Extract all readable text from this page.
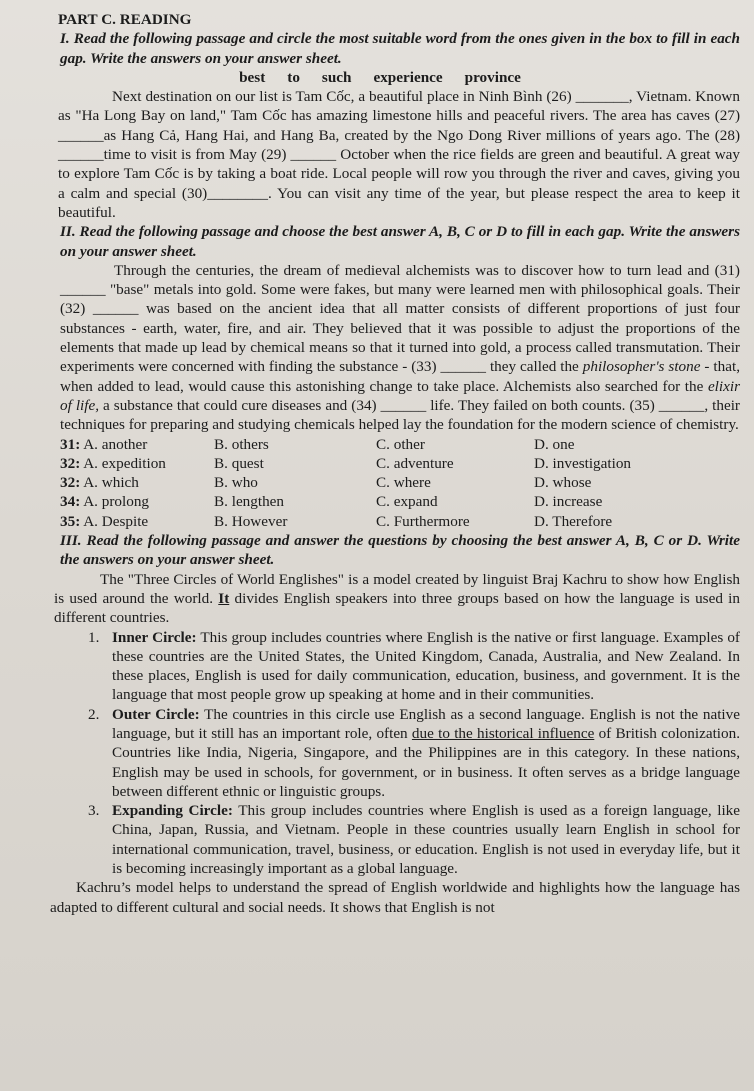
PART C. READING

I. Read the following passage and circle the most suitable word from the ones given in the box to fill in each gap. Write the answers on your answer sheet.

best to such experience province

Next destination on our list is Tam Cốc, a beautiful place in Ninh Bình (26) _______, Vietnam. Known as "Ha Long Bay on land," Tam Cốc has amazing limestone hills and peaceful rivers. The area has caves (27) ______as Hang Cả, Hang Hai, and Hang Ba, created by the Ngo Dong River millions of years ago. The (28) ______time to visit is from May (29) ______ October when the rice fields are green and beautiful. A great way to explore Tam Cốc is by taking a boat ride. Local people will row you through the river and caves, giving you a calm and special (30)________. You can visit any time of the year, but please respect the area to keep it beautiful.

II. Read the following passage and choose the best answer A, B, C or D to fill in each gap. Write the answers on your answer sheet.

Through the centuries, the dream of medieval alchemists was to discover how to turn lead and (31) ______ "base" metals into gold. Some were fakes, but many were learned men with philosophical goals. Their (32) ______ was based on the ancient idea that all matter consists of different proportions of just four substances - earth, water, fire, and air. They believed that it was possible to adjust the proportions of the elements that made up lead by chemical means so that it turned into gold, a process called transmutation. Their experiments were concerned with finding the substance - (33) ______ they called the philosopher's stone - that, when added to lead, would cause this astonishing change to take place. Alchemists also searched for the elixir of life, a substance that could cure diseases and (34) ______ life. They failed on both counts. (35) ______, their techniques for preparing and studying chemicals helped lay the foundation for the modern science of chemistry.

31: A. another	B. others	C. other	D. one
32: A. expedition	B. quest	C. adventure	D. investigation
32: A. which	B. who	C. where	D. whose
34: A. prolong	B. lengthen	C. expand	D. increase
35: A. Despite	B. However	C. Furthermore	D. Therefore

III. Read the following passage and answer the questions by choosing the best answer A, B, C or D. Write the answers on your answer sheet.

The "Three Circles of World Englishes" is a model created by linguist Braj Kachru to show how English is used around the world. It divides English speakers into three groups based on how the language is used in different countries.

1. Inner Circle: This group includes countries where English is the native or first language. Examples of these countries are the United States, the United Kingdom, Canada, Australia, and New Zealand. In these places, English is used for daily communication, education, business, and government. It is the language that most people grow up speaking at home and in their communities.
2. Outer Circle: The countries in this circle use English as a second language. English is not the native language, but it still has an important role, often due to the historical influence of British colonization. Countries like India, Nigeria, Singapore, and the Philippines are in this category. In these nations, English may be used in schools, for government, or in business. It often serves as a bridge language between different ethnic or linguistic groups.
3. Expanding Circle: This group includes countries where English is used as a foreign language, like China, Japan, Russia, and Vietnam. People in these countries usually learn English in school for international communication, travel, business, or education. English is not used in everyday life, but it is becoming increasingly important as a global language.

Kachru’s model helps to understand the spread of English worldwide and highlights how the language has adapted to different cultural and social needs. It shows that English is not
